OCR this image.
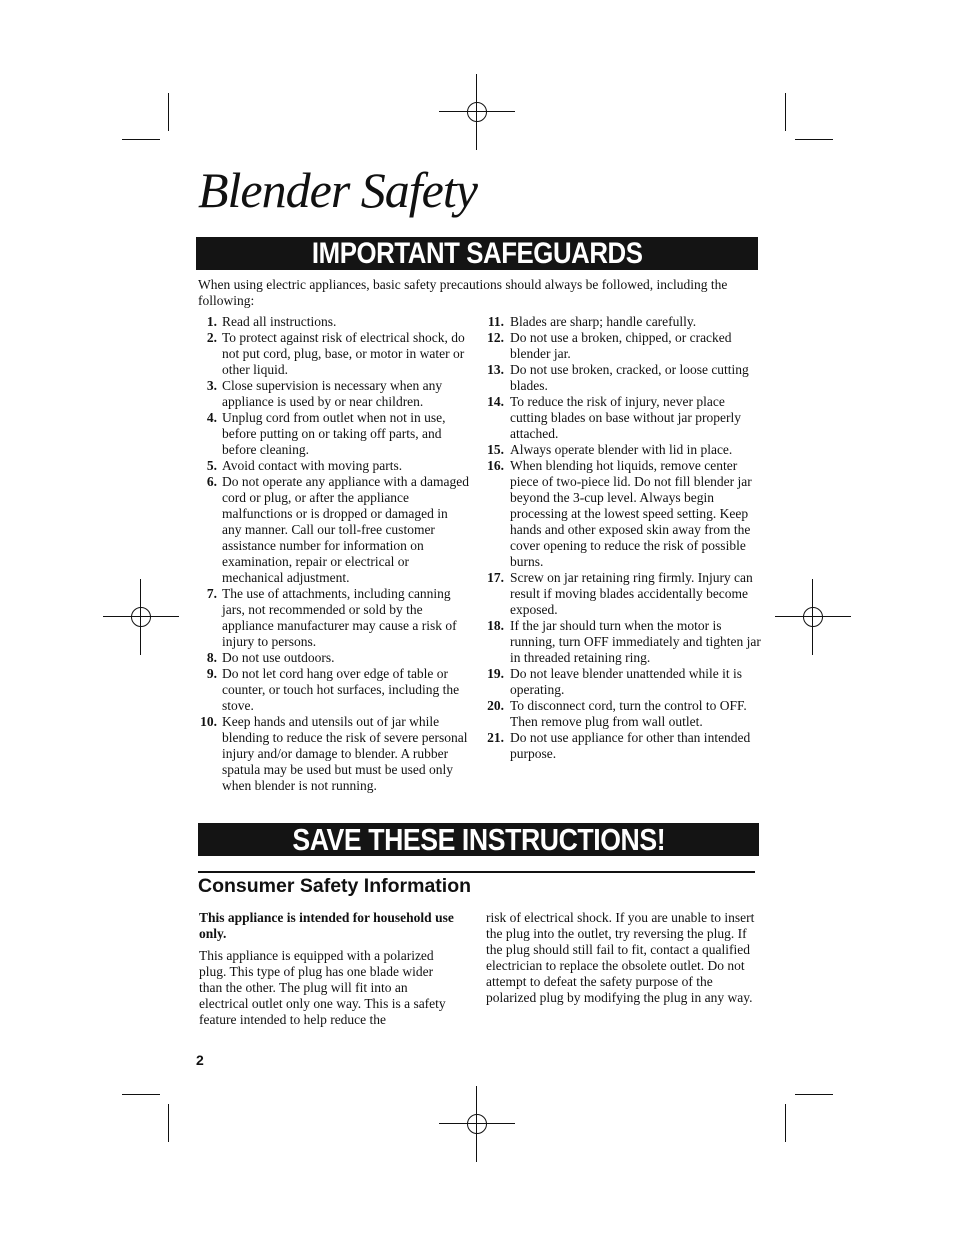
Blender Safety
IMPORTANT SAFEGUARDS

When using electric appliances, basic safety precautions should always be followed, including the following:

1. Read all instructions.
2. To protect against risk of electrical shock, do not put cord, plug, base, or motor in water or other liquid.
3. Close supervision is necessary when any appliance is used by or near children.
4. Unplug cord from outlet when not in use, before putting on or taking off parts, and before cleaning.
5. Avoid contact with moving parts.
6. Do not operate any appliance with a damaged cord or plug, or after the appliance malfunctions or is dropped or damaged in any manner. Call our toll-free customer assistance number for information on examination, repair or electrical or mechanical adjustment.
7. The use of attachments, including canning jars, not recommended or sold by the appliance manufacturer may cause a risk of injury to persons.
8. Do not use outdoors.
9. Do not let cord hang over edge of table or counter, or touch hot surfaces, including the stove.
10. Keep hands and utensils out of jar while blending to reduce the risk of severe personal injury and/or damage to blender. A rubber spatula may be used but must be used only when blender is not running.
11. Blades are sharp; handle carefully.
12. Do not use a broken, chipped, or cracked blender jar.
13. Do not use broken, cracked, or loose cutting blades.
14. To reduce the risk of injury, never place cutting blades on base without jar properly attached.
15. Always operate blender with lid in place.
16. When blending hot liquids, remove center piece of two-piece lid. Do not fill blender jar beyond the 3-cup level. Always begin processing at the lowest speed setting. Keep hands and other exposed skin away from the cover opening to reduce the risk of possible burns.
17. Screw on jar retaining ring firmly. Injury can result if moving blades accidentally become exposed.
18. If the jar should turn when the motor is running, turn OFF immediately and tighten jar in threaded retaining ring.
19. Do not leave blender unattended while it is operating.
20. To disconnect cord, turn the control to OFF. Then remove plug from wall outlet.
21. Do not use appliance for other than intended purpose.
SAVE THESE INSTRUCTIONS!
Consumer Safety Information

This appliance is intended for household use only.

This appliance is equipped with a polarized plug. This type of plug has one blade wider than the other. The plug will fit into an electrical outlet only one way. This is a safety feature intended to help reduce the

risk of electrical shock. If you are unable to insert the plug into the outlet, try reversing the plug. If the plug should still fail to fit, contact a qualified electrician to replace the obsolete outlet. Do not attempt to defeat the safety purpose of the polarized plug by modifying the plug in any way.

2
